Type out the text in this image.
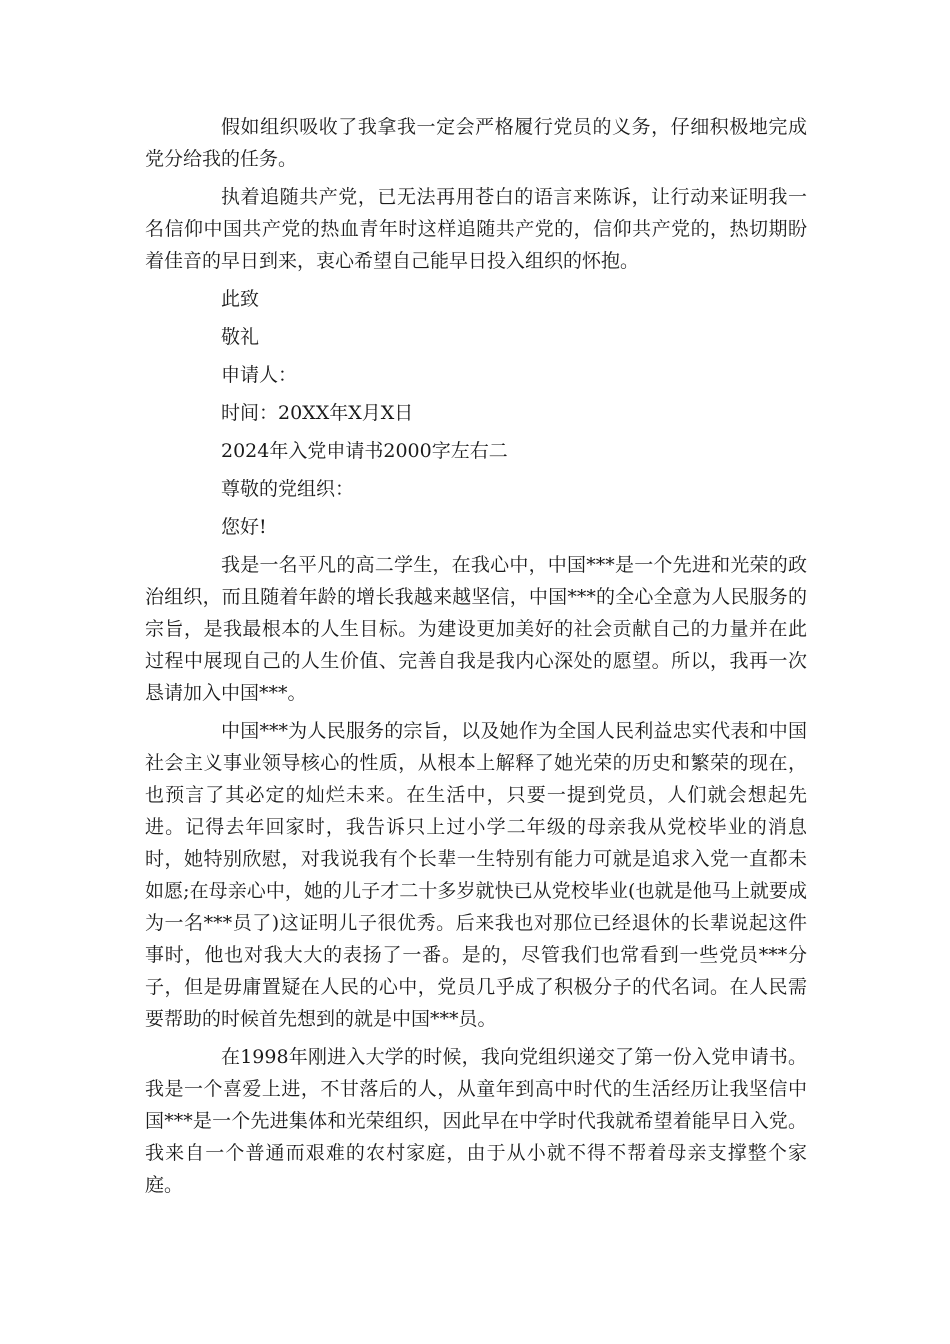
假如组织吸收了我拿我一定会严格履行党员的义务，仔细积极地完成党分给我的任务。

执着追随共产党，已无法再用苍白的语言来陈诉，让行动来证明我一名信仰中国共产党的热血青年时这样追随共产党的，信仰共产党的，热切期盼着佳音的早日到来，衷心希望自己能早日投入组织的怀抱。

此致

敬礼

申请人：

时间：20XX年X月X日

2024年入党申请书2000字左右二

尊敬的党组织：

您好!

我是一名平凡的高二学生，在我心中，中国***是一个先进和光荣的政治组织，而且随着年龄的增长我越来越坚信，中国***的全心全意为人民服务的宗旨，是我最根本的人生目标。为建设更加美好的社会贡献自己的力量并在此过程中展现自己的人生价值、完善自我是我内心深处的愿望。所以，我再一次恳请加入中国***。

中国***为人民服务的宗旨，以及她作为全国人民利益忠实代表和中国社会主义事业领导核心的性质，从根本上解释了她光荣的历史和繁荣的现在，也预言了其必定的灿烂未来。在生活中，只要一提到党员，人们就会想起先进。记得去年回家时，我告诉只上过小学二年级的母亲我从党校毕业的消息时，她特别欣慰，对我说我有个长辈一生特别有能力可就是追求入党一直都未如愿;在母亲心中，她的儿子才二十多岁就快已从党校毕业(也就是他马上就要成为一名***员了)这证明儿子很优秀。后来我也对那位已经退休的长辈说起这件事时，他也对我大大的表扬了一番。是的，尽管我们也常看到一些党员***分子，但是毋庸置疑在人民的心中，党员几乎成了积极分子的代名词。在人民需要帮助的时候首先想到的就是中国***员。

在1998年刚进入大学的时候，我向党组织递交了第一份入党申请书。我是一个喜爱上进，不甘落后的人，从童年到高中时代的生活经历让我坚信中国***是一个先进集体和光荣组织，因此早在中学时代我就希望着能早日入党。我来自一个普通而艰难的农村家庭，由于从小就不得不帮着母亲支撑整个家庭。
